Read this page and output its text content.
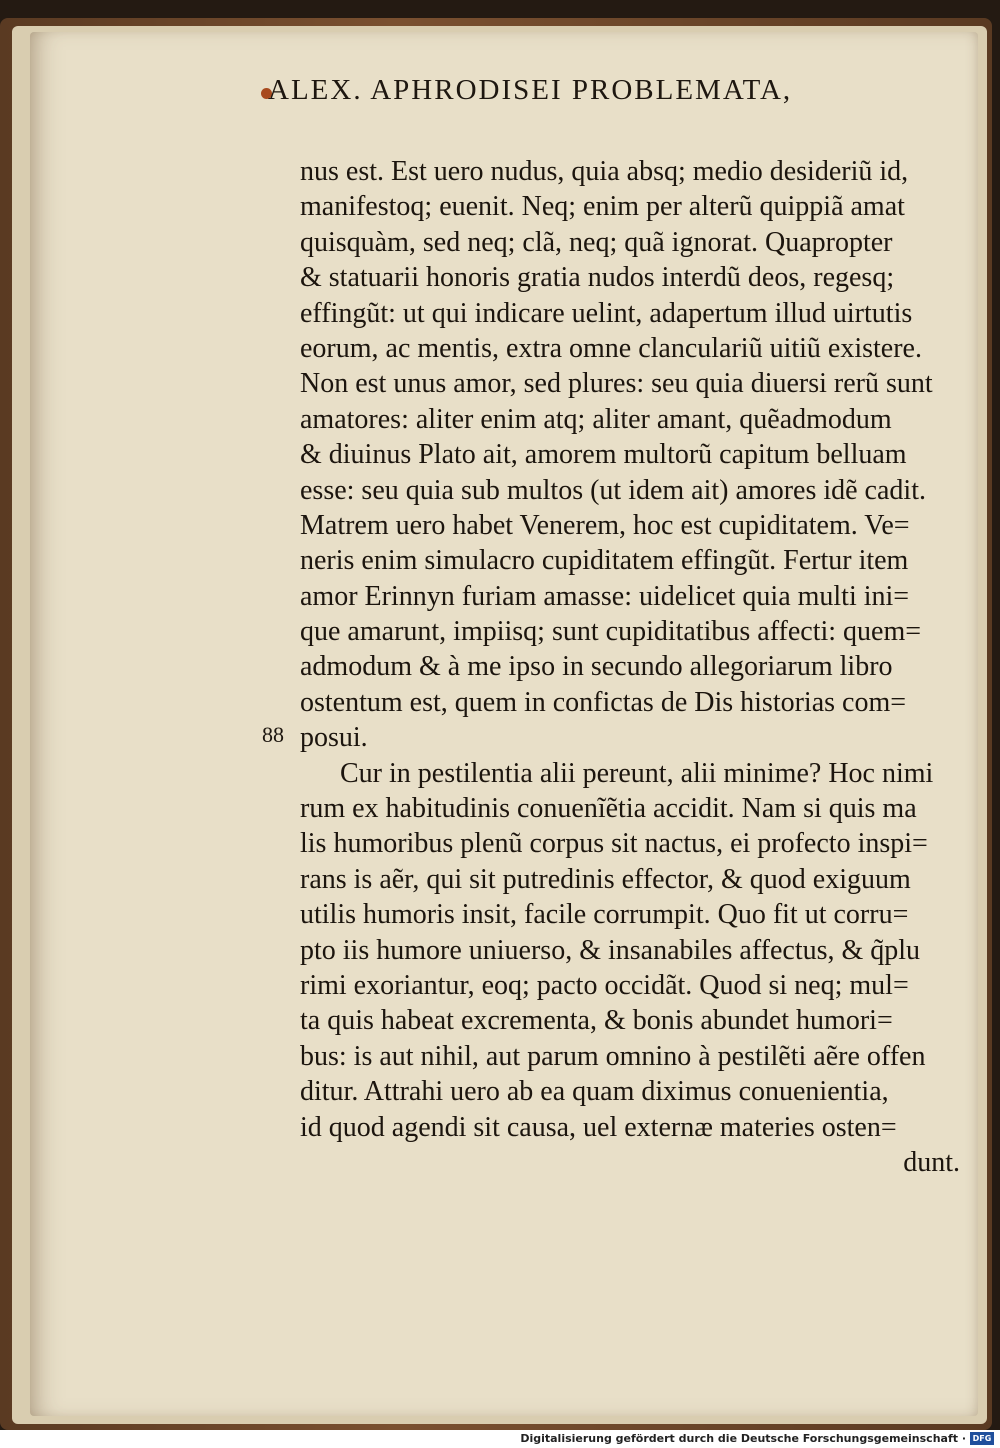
ALEX. APHRODISEI PROBLEMATA,
88
nus est. Est uero nudus, quia absq; medio desideriũ id,
manifestoq; euenit. Neq; enim per alterũ quippiã amat
quisquàm, sed neq; clã, neq; quã ignorat. Quapropter
& statuarii honoris gratia nudos interdũ deos, regesq;
effingũt: ut qui indicare uelint, adapertum illud uirtutis
eorum, ac mentis, extra omne clanculariũ uitiũ existere.
Non est unus amor, sed plures: seu quia diuersi rerũ sunt
amatores: aliter enim atq; aliter amant, quẽadmodum
& diuinus Plato ait, amorem multorũ capitum belluam
esse: seu quia sub multos (ut idem ait) amores idẽ cadit.
Matrem uero habet Venerem, hoc est cupiditatem. Ve=
neris enim simulacro cupiditatem effingũt. Fertur item
amor Erinnyn furiam amasse: uidelicet quia multi ini=
que amarunt, impiisq; sunt cupiditatibus affecti: quem=
admodum & à me ipso in secundo allegoriarum libro
ostentum est, quem in confictas de Dis historias com=
posui.
Cur in pestilentia alii pereunt, alii minime? Hoc nimi
rum ex habitudinis conuenĩẽtia accidit. Nam si quis ma
lis humoribus plenũ corpus sit nactus, ei profecto inspi=
rans is aẽr, qui sit putredinis effector, & quod exiguum
utilis humoris insit, facile corrumpit. Quo fit ut corru=
pto iis humore uniuerso, & insanabiles affectus, & q̃plu
rimi exoriantur, eoq; pacto occidãt. Quod si neq; mul=
ta quis habeat excrementa, & bonis abundet humori=
bus: is aut nihil, aut parum omnino à pestilẽti aẽre offen
ditur. Attrahi uero ab ea quam diximus conuenientia,
id quod agendi sit causa, uel externæ materies osten=
dunt.
Digitalisierung gefördert durch die Deutsche Forschungsgemeinschaft · DFG
